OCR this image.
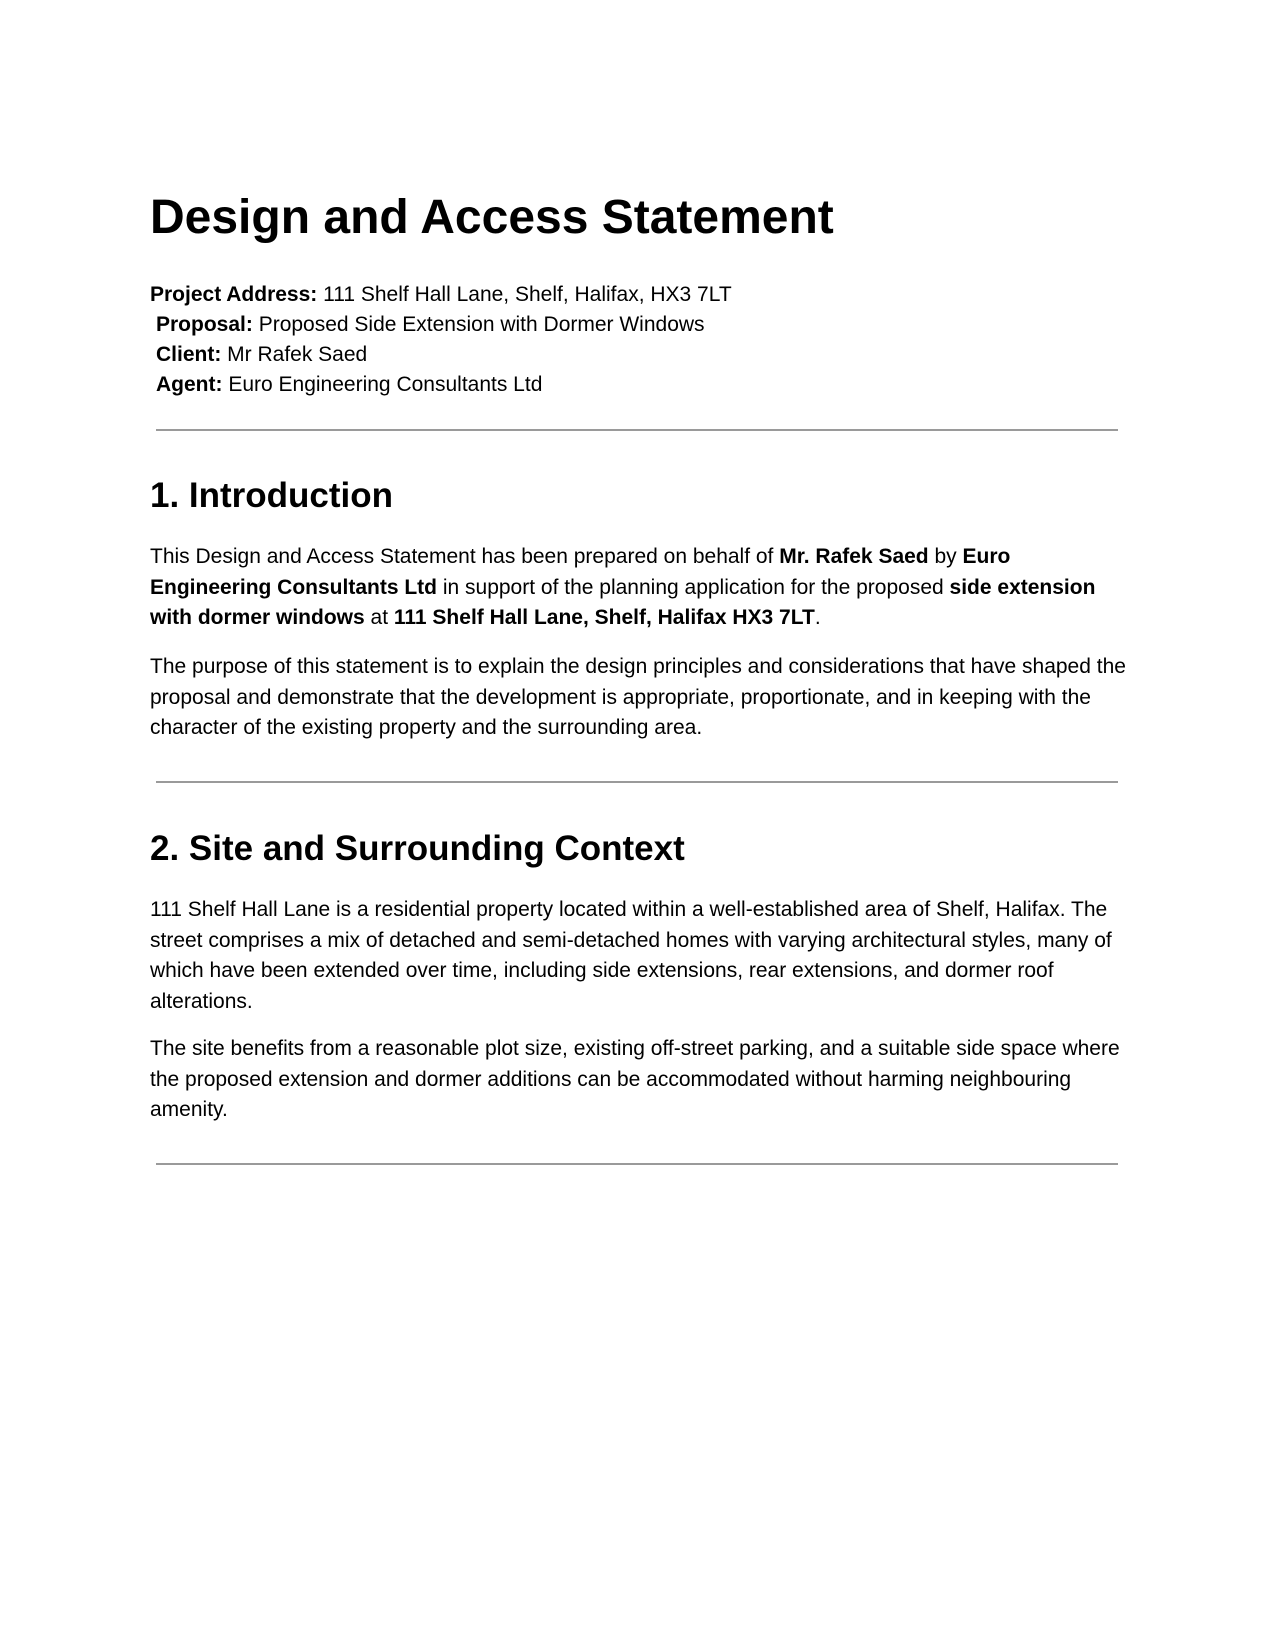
Design and Access Statement
Project Address: 111 Shelf Hall Lane, Shelf, Halifax, HX3 7LT
Proposal: Proposed Side Extension with Dormer Windows
Client: Mr Rafek Saed
Agent: Euro Engineering Consultants Ltd
1. Introduction

This Design and Access Statement has been prepared on behalf of Mr. Rafek Saed by Euro Engineering Consultants Ltd in support of the planning application for the proposed side extension with dormer windows at 111 Shelf Hall Lane, Shelf, Halifax HX3 7LT.

The purpose of this statement is to explain the design principles and considerations that have shaped the proposal and demonstrate that the development is appropriate, proportionate, and in keeping with the character of the existing property and the surrounding area.

2. Site and Surrounding Context

111 Shelf Hall Lane is a residential property located within a well-established area of Shelf, Halifax. The street comprises a mix of detached and semi-detached homes with varying architectural styles, many of which have been extended over time, including side extensions, rear extensions, and dormer roof alterations.

The site benefits from a reasonable plot size, existing off-street parking, and a suitable side space where the proposed extension and dormer additions can be accommodated without harming neighbouring amenity.
